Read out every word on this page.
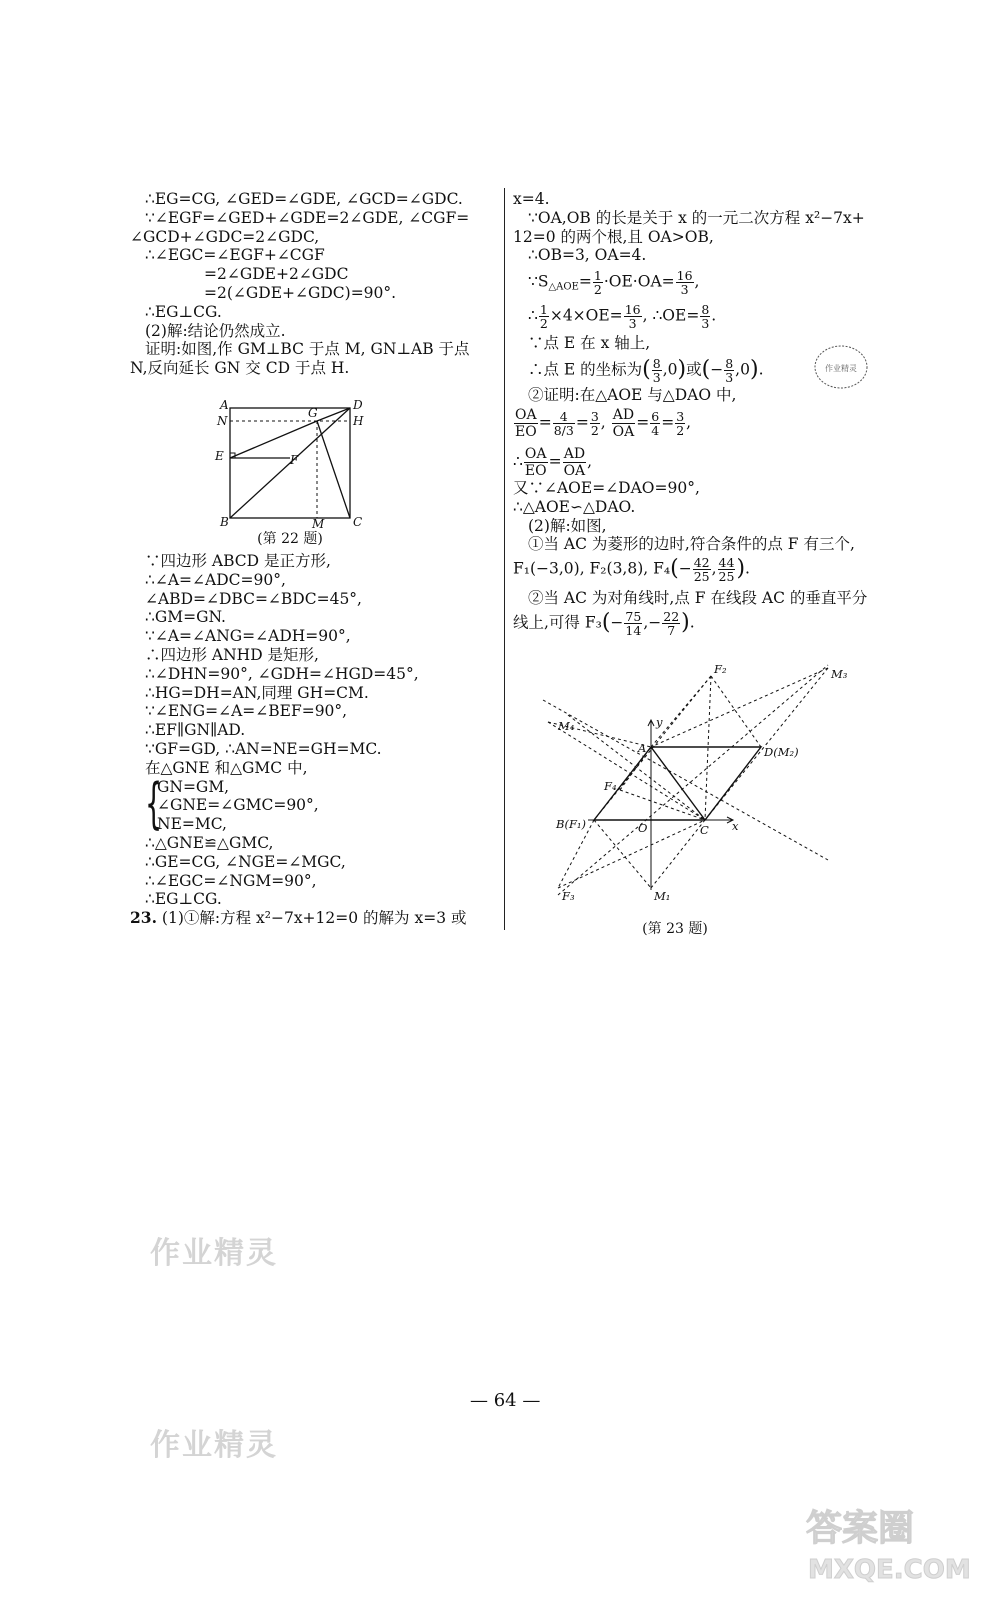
∴EG=CG, ∠GED=∠GDE, ∠GCD=∠GDC.
∵∠EGF=∠GED+∠GDE=2∠GDE, ∠CGF=
∠GCD+∠GDC=2∠GDC,
∴∠EGC=∠EGF+∠CGF
=2∠GDE+2∠GDC
=2(∠GDE+∠GDC)=90°.
∴EG⊥CG.
(2)解:结论仍然成立.
证明:如图,作 GM⊥BC 于点 M, GN⊥AB 于点
N,反向延长 GN 交 CD 于点 H.
∵四边形 ABCD 是正方形,
∴∠A=∠ADC=90°,
∠ABD=∠DBC=∠BDC=45°,
∴GM=GN.
∵∠A=∠ANG=∠ADH=90°,
∴四边形 ANHD 是矩形,
∴∠DHN=90°, ∠GDH=∠HGD=45°,
∴HG=DH=AN,同理 GH=CM.
∵∠ENG=∠A=∠BEF=90°,
∴EF∥GN∥AD.
∵GF=GD, ∴AN=NE=GH=MC.
在△GNE 和△GMC 中,
{
GN=GM,
∠GNE=∠GMC=90°,
NE=MC,
∴△GNE≌△GMC,
∴GE=CG, ∠NGE=∠MGC,
∴∠EGC=∠NGM=90°,
∴EG⊥CG.
23. (1)①解:方程 x²−7x+12=0 的解为 x=3 或
A	D
N
G
H
E	F
B	M C
(第 22 题)
x=4.
∵OA,OB 的长是关于 x 的一元二次方程 x²−7x+
12=0 的两个根,且 OA>OB,
∴OB=3, OA=4.
$\because S_{\triangle AOE}= \frac{1}{2} \cdot OE\cdot OA= \frac{16}{3}$ ,
∴ $\frac{1}{2} \times 4\times OE= \frac{16}{3}$ , ∴OE= $\frac{8}{3}$ .
∵点 E 在 x 轴上,
∴点 E 的坐标为( $\frac{8}{3} ,0$)或(− $\frac{8}{3} ,0$).
②证明:在△AOE 与△DAO 中,
$\frac{OA}{EO} = \frac{4}{8/3} = \frac{3}{2}$ , $\frac{AD}{OA} = \frac{6}{4} = \frac{3}{2}$ ,
∴ $\frac{OA}{EO} = \frac{AD}{OA}$ ,
又∵∠AOE=∠DAO=90°,
∴△AOE∽△DAO.
(2)解:如图,
①当 AC 为菱形的边时,符合条件的点 F 有三个,
F₁(−3,0), F₂(3,8), $F_4(- \frac{42}{25}$ , $\frac{44}{25}$ ).
②当 AC 为对角线时,点 F 在线段 AC 的垂直平分
线上,可得 $F_3(- \frac{75}{14}$ ,− $\frac{22}{7}$ ).
作业精灵
F₂	M₃
M₄	y
A	D(M₂)
F₄
B(F₁)	O	C x
F₃	M₁
(第 23 题)
作业精灵
作业精灵
— 64 —
答案圈
MXQE.COM
